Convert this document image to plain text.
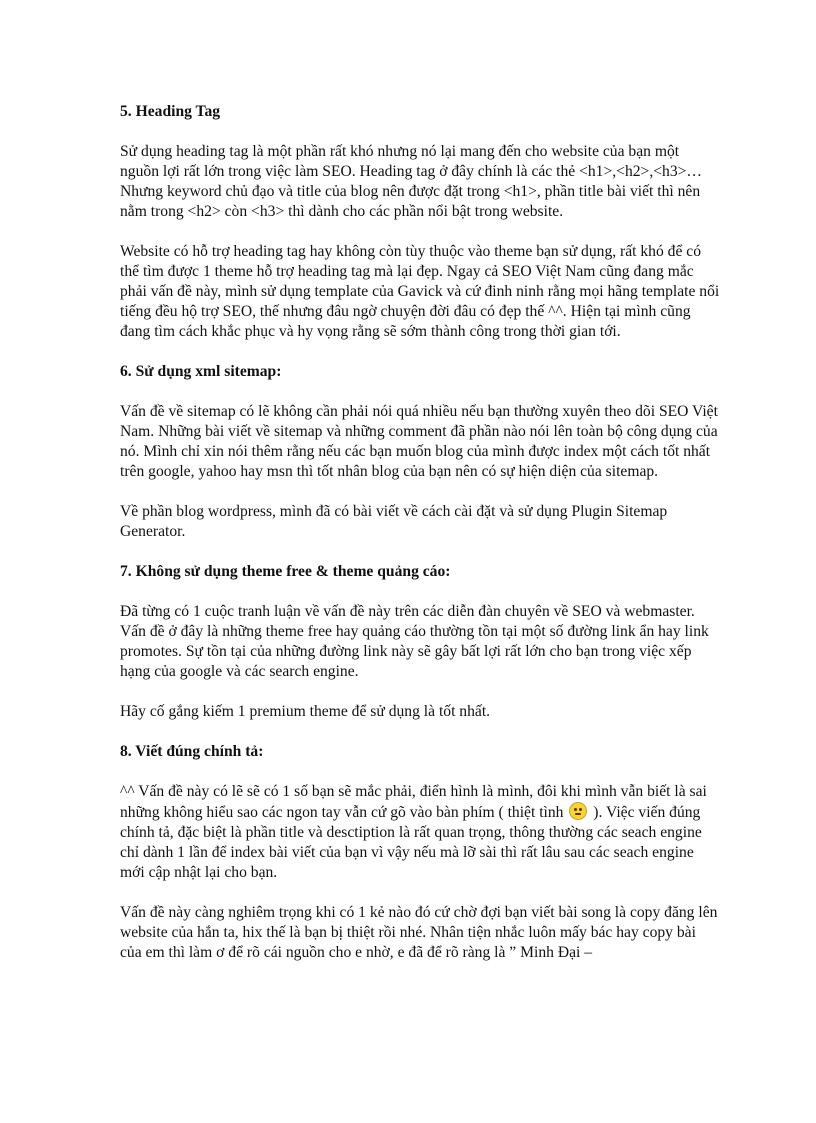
5. Heading Tag

Sử dụng heading tag là một phần rất khó nhưng nó lại mang đến cho website của bạn một nguồn lợi rất lớn trong việc làm SEO. Heading tag ở đây chính là các thẻ <h1>,<h2>,<h3>… Nhưng keyword chủ đạo và title của blog nên được đặt trong <h1>, phần title bài viết thì nên nằm trong <h2> còn <h3> thì dành cho các phần nổi bật trong website.

Website có hỗ trợ heading tag hay không còn tùy thuộc vào theme bạn sử dụng, rất khó để có thể tìm được 1 theme hỗ trợ heading tag mà lại đẹp. Ngay cả SEO Việt Nam cũng đang mắc phải vấn đề này, mình sử dụng template của Gavick và cứ đinh ninh rằng mọi hãng template nổi tiếng đều hộ trợ SEO, thế nhưng đâu ngờ chuyện đời đâu có đẹp thế ^^. Hiện tại mình cũng đang tìm cách khắc phục và hy vọng rằng sẽ sớm thành công trong thời gian tới.

6. Sử dụng xml sitemap:

Vấn đề về sitemap có lẽ không cần phải nói quá nhiều nếu bạn thường xuyên theo dõi SEO Việt Nam. Những bài viết về sitemap và những comment đã phần nào nói lên toàn bộ công dụng của nó. Mình chỉ xin nói thêm rằng nếu các bạn muốn blog của mình được index một cách tốt nhất trên google, yahoo hay msn thì tốt nhân blog của bạn nên có sự hiện diện của sitemap.

Về phần blog wordpress, mình đã có bài viết về cách cài đặt và sử dụng Plugin Sitemap Generator.

7. Không sử dụng theme free & theme quảng cáo:

Đã từng có 1 cuộc tranh luận về vấn đề này trên các diễn đàn chuyên về SEO và webmaster. Vấn đề ở đây là những theme free hay quảng cáo thường tồn tại một số đường link ẩn hay link promotes. Sự tồn tại của những đường link này sẽ gây bất lợi rất lớn cho bạn trong việc xếp hạng của google và các search engine.

Hãy cố gắng kiếm 1 premium theme để sử dụng là tốt nhất.

8. Viết đúng chính tả:

^^ Vấn đề này có lẽ sẽ có 1 số bạn sẽ mắc phải, điển hình là mình, đôi khi mình vẫn biết là sai những không hiểu sao các ngon tay vẫn cứ gõ vào bàn phím ( thiệt tình ). Việc viến đúng chính tả, đặc biệt là phần title và desctiption là rất quan trọng, thông thường các seach engine chỉ dành 1 lần để index bài viết của bạn vì vậy nếu mà lỡ sài thì rất lâu sau các seach engine mới cập nhật lại cho bạn.

Vấn đề này càng nghiêm trọng khi có 1 kẻ nào đó cứ chờ đợi bạn viết bài song là copy đăng lên website của hắn ta, hix thế là bạn bị thiệt rồi nhé. Nhân tiện nhắc luôn mấy bác hay copy bài của em thì làm ơ để rõ cái nguồn cho e nhờ, e đã để rõ ràng là ” Minh Đại –
